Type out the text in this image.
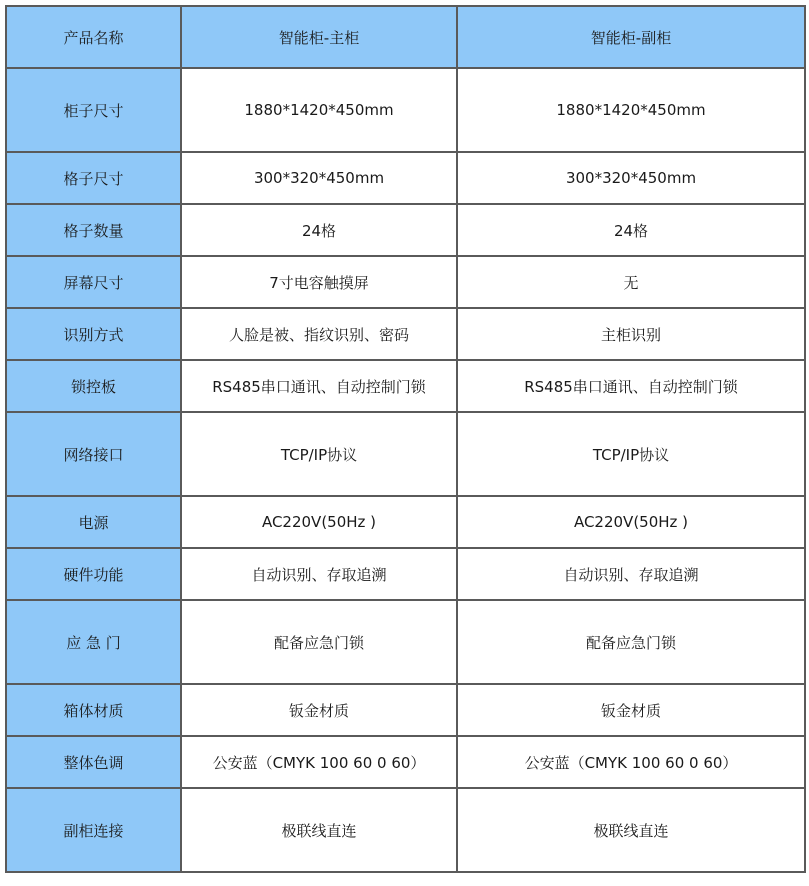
产品名称	智能柜-主柜	智能柜-副柜
柜子尺寸	1880*1420*450mm	1880*1420*450mm
格子尺寸	300*320*450mm	300*320*450mm
格子数量	24格	24格
屏幕尺寸	7寸电容触摸屏	无
识别方式	人脸是被、指纹识别、密码	主柜识别
锁控板	RS485串口通讯、自动控制门锁	RS485串口通讯、自动控制门锁
网络接口	TCP/IP协议	TCP/IP协议
电源	AC220V(50Hz )	AC220V(50Hz )
硬件功能	自动识别、存取追溯	自动识别、存取追溯
应 急 门	配备应急门锁	配备应急门锁
箱体材质	钣金材质	钣金材质
整体色调	公安蓝（CMYK 100 60 0 60）	公安蓝（CMYK 100 60 0 60）
副柜连接	极联线直连	极联线直连
